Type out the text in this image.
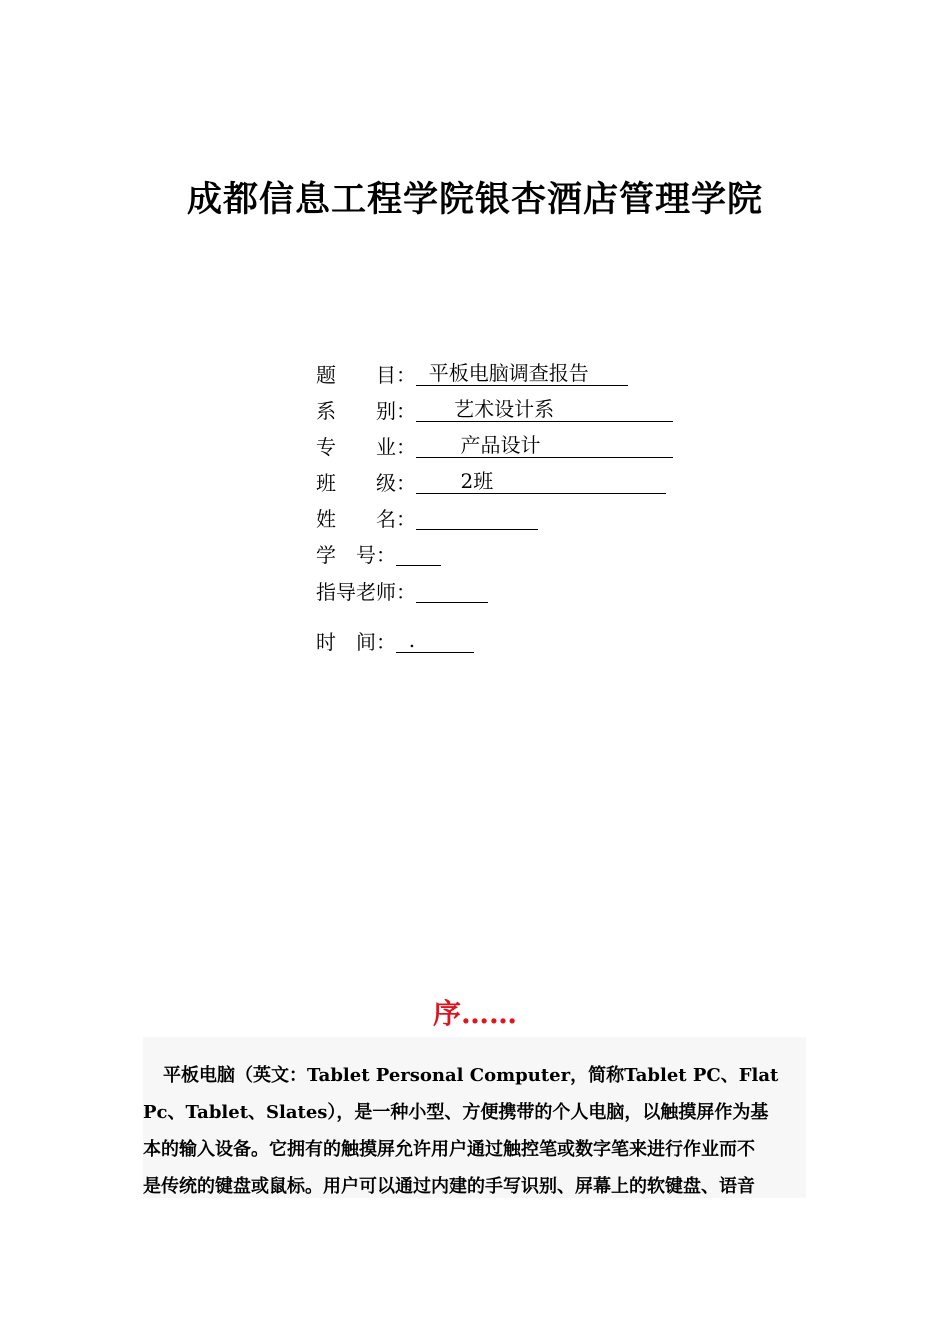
成都信息工程学院银杏酒店管理学院
题　　目：  平板电脑调查报告
系　　别：      艺术设计系
专　　业：       产品设计
班　　级：       2班
姓　　名：
学　号：
指导老师：
时　间：  .
序……

平板电脑（英文：Tablet Personal Computer，简称Tablet PC、Flat
Pc、Tablet、Slates），是一种小型、方便携带的个人电脑，以触摸屏作为基
本的输入设备。它拥有的触摸屏允许用户通过触控笔或数字笔来进行作业而不
是传统的键盘或鼠标。用户可以通过内建的手写识别、屏幕上的软键盘、语音
